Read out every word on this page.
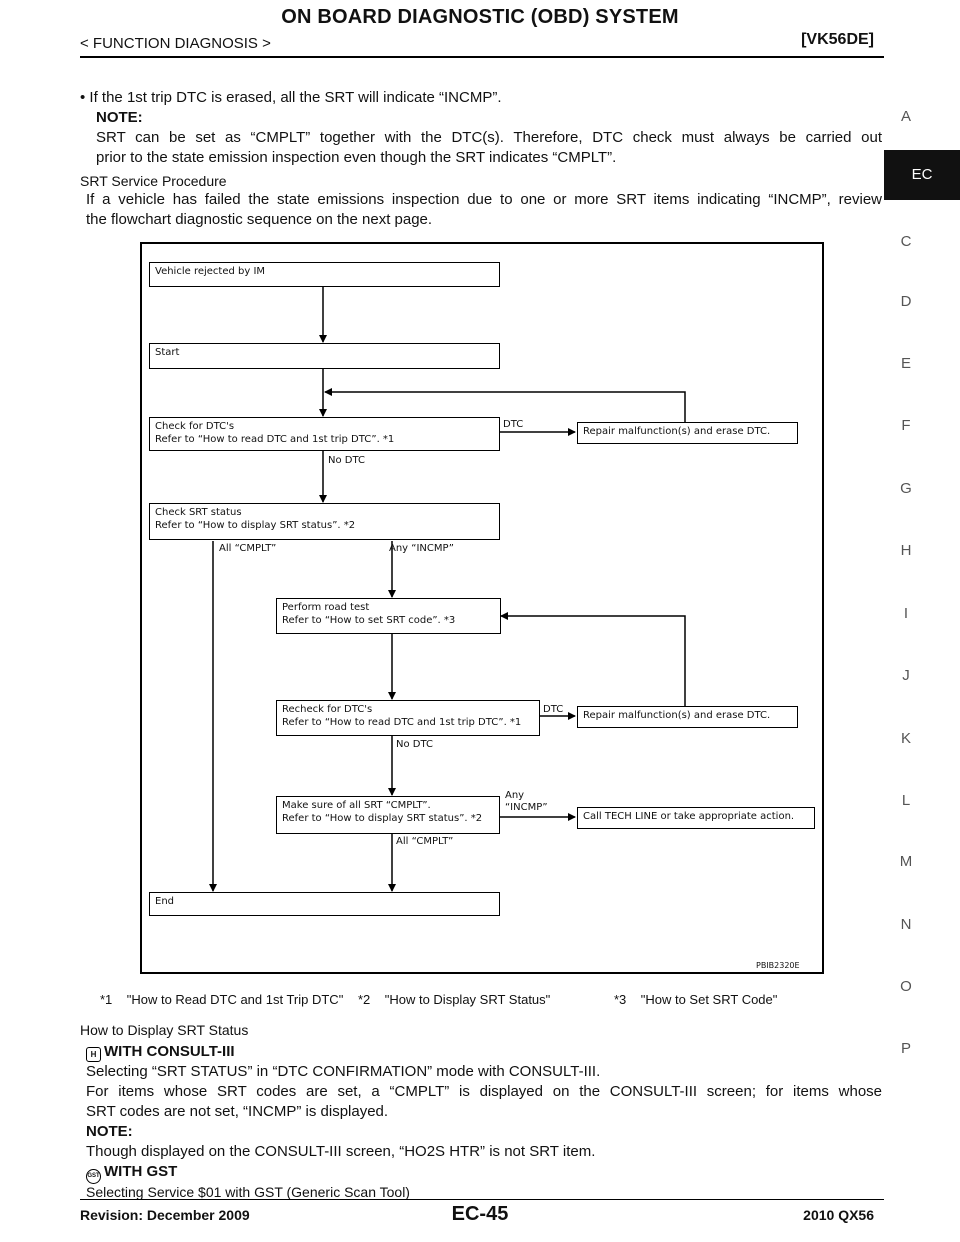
ON BOARD DIAGNOSTIC (OBD) SYSTEM
< FUNCTION DIAGNOSIS >	[VK56DE]
• If the 1st trip DTC is erased, all the SRT will indicate “INCMP”.
NOTE:
SRT can be set as “CMPLT” together with the DTC(s). Therefore, DTC check must always be carried out
prior to the state emission inspection even though the SRT indicates “CMPLT”.
SRT Service Procedure
If a vehicle has failed the state emissions inspection due to one or more SRT items indicating “INCMP”, review
the flowchart diagnostic sequence on the next page.
Vehicle rejected by IM
Start
Check for DTC's
Refer to “How to read DTC and 1st trip DTC”. *1
Repair malfunction(s) and erase DTC.
Check SRT status
Refer to “How to display SRT status”. *2
Perform road test
Refer to “How to set SRT code”. *3
Recheck for DTC's
Refer to “How to read DTC and 1st trip DTC”. *1
Repair malfunction(s) and erase DTC.
Make sure of all SRT “CMPLT”.
Refer to “How to display SRT status”. *2	Call TECH LINE or take appropriate action.
End
DTC
No DTC
All “CMPLT”	Any “INCMP”
DTC
No DTC
Any
“INCMP”
All “CMPLT”
PBIB2320E
*1    "How to Read DTC and 1st Trip DTC" *2    "How to Display SRT Status"	*3    "How to Set SRT Code"
How to Display SRT Status
H WITH CONSULT-III
Selecting “SRT STATUS” in “DTC CONFIRMATION” mode with CONSULT-III.
For items whose SRT codes are set, a “CMPLT” is displayed on the CONSULT-III screen; for items whose
SRT codes are not set, “INCMP” is displayed.
NOTE:
Though displayed on the CONSULT-III screen, “HO2S HTR” is not SRT item.
GST WITH GST
Selecting Service $01 with GST (Generic Scan Tool)
EC
A
C
D
E
F
G
H
I
J
K
L
M
N
O
P
Revision: December 2009	EC-45	2010 QX56
